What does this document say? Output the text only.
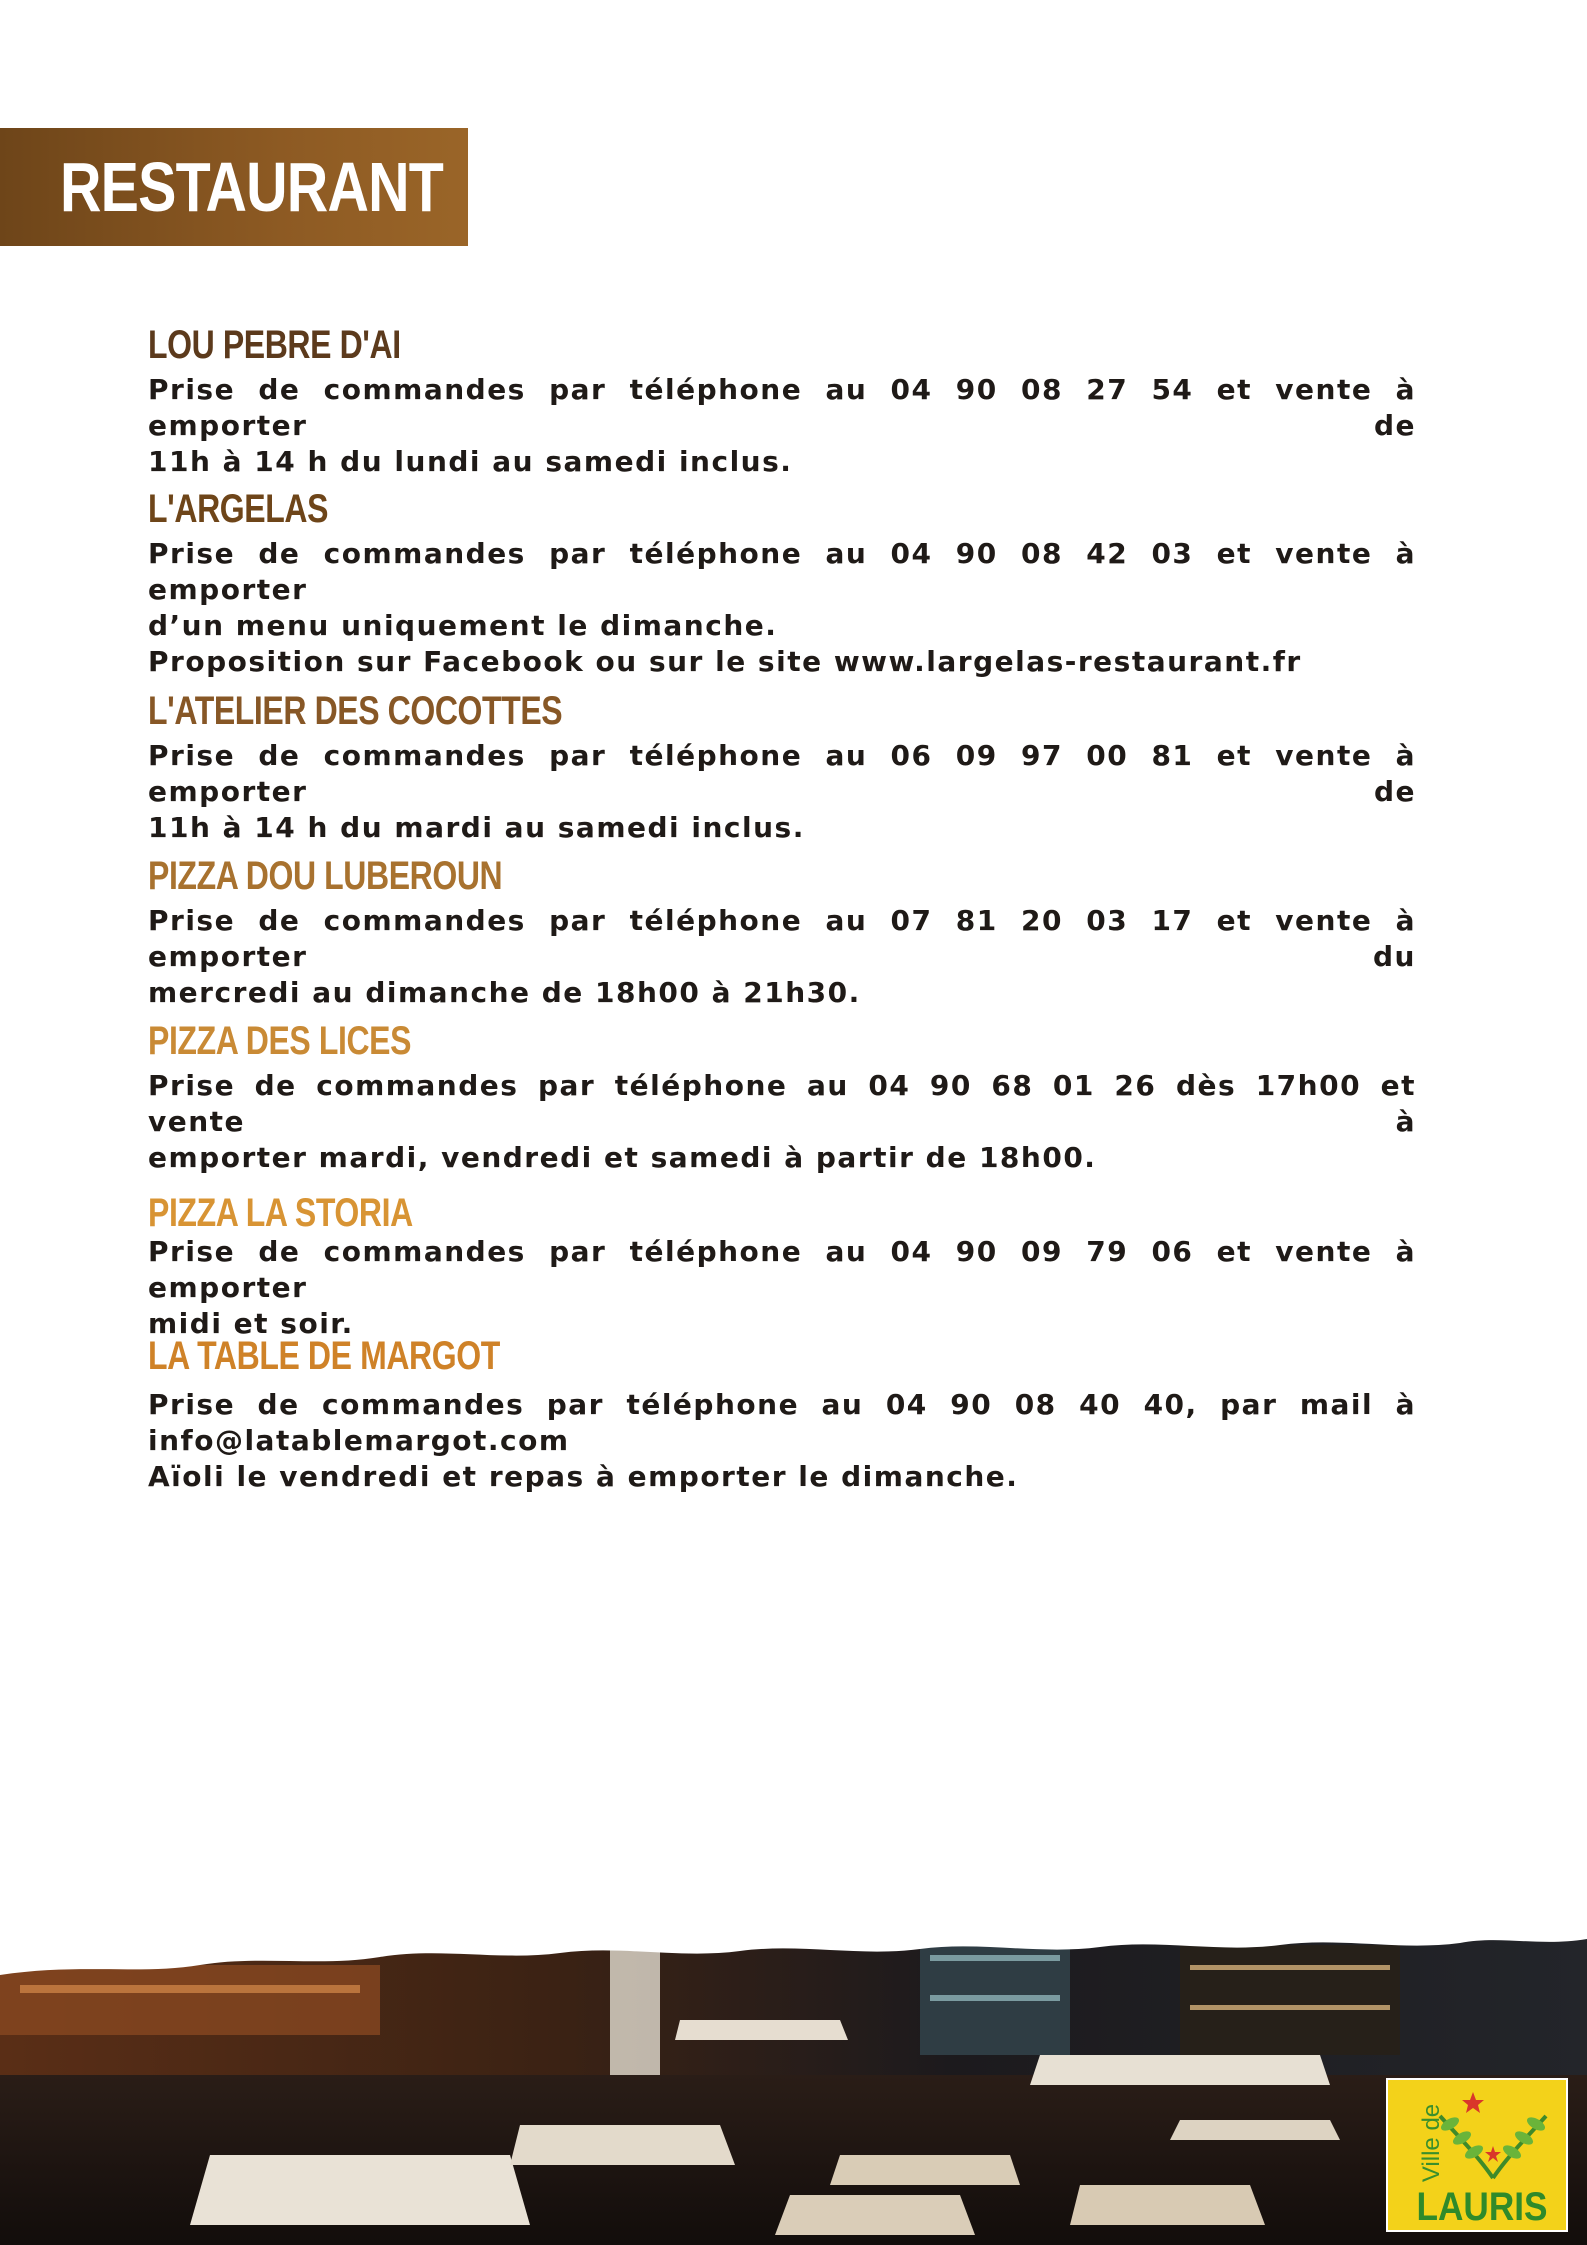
RESTAURANT
LOU PEBRE D'AI
Prise de commandes par téléphone au 04 90 08 27 54 et vente à emporter de
11h à 14 h du lundi au samedi inclus.
L'ARGELAS
Prise de commandes par téléphone au 04 90 08 42 03 et vente à emporter
d’un menu uniquement le dimanche.
Proposition sur Facebook ou sur le site www.largelas-restaurant.fr
L'ATELIER DES COCOTTES
Prise de commandes par téléphone au 06 09 97 00 81 et vente à emporter de
11h à 14 h du mardi au samedi inclus.
PIZZA DOU LUBEROUN
Prise de commandes par téléphone au 07 81 20 03 17 et vente à emporter du
mercredi au dimanche de 18h00 à 21h30.
PIZZA DES LICES
Prise de commandes par téléphone au 04 90 68 01 26 dès 17h00 et vente à
emporter mardi, vendredi et samedi à partir de 18h00.
PIZZA LA STORIA
Prise de commandes par téléphone au 04 90 09 79 06 et vente à emporter
midi et soir.
LA TABLE DE MARGOT
Prise de commandes par téléphone au 04 90 08 40 40, par mail à
info@latablemargot.com
Aïoli le vendredi et repas à emporter le dimanche.
Ville de
LAURIS
